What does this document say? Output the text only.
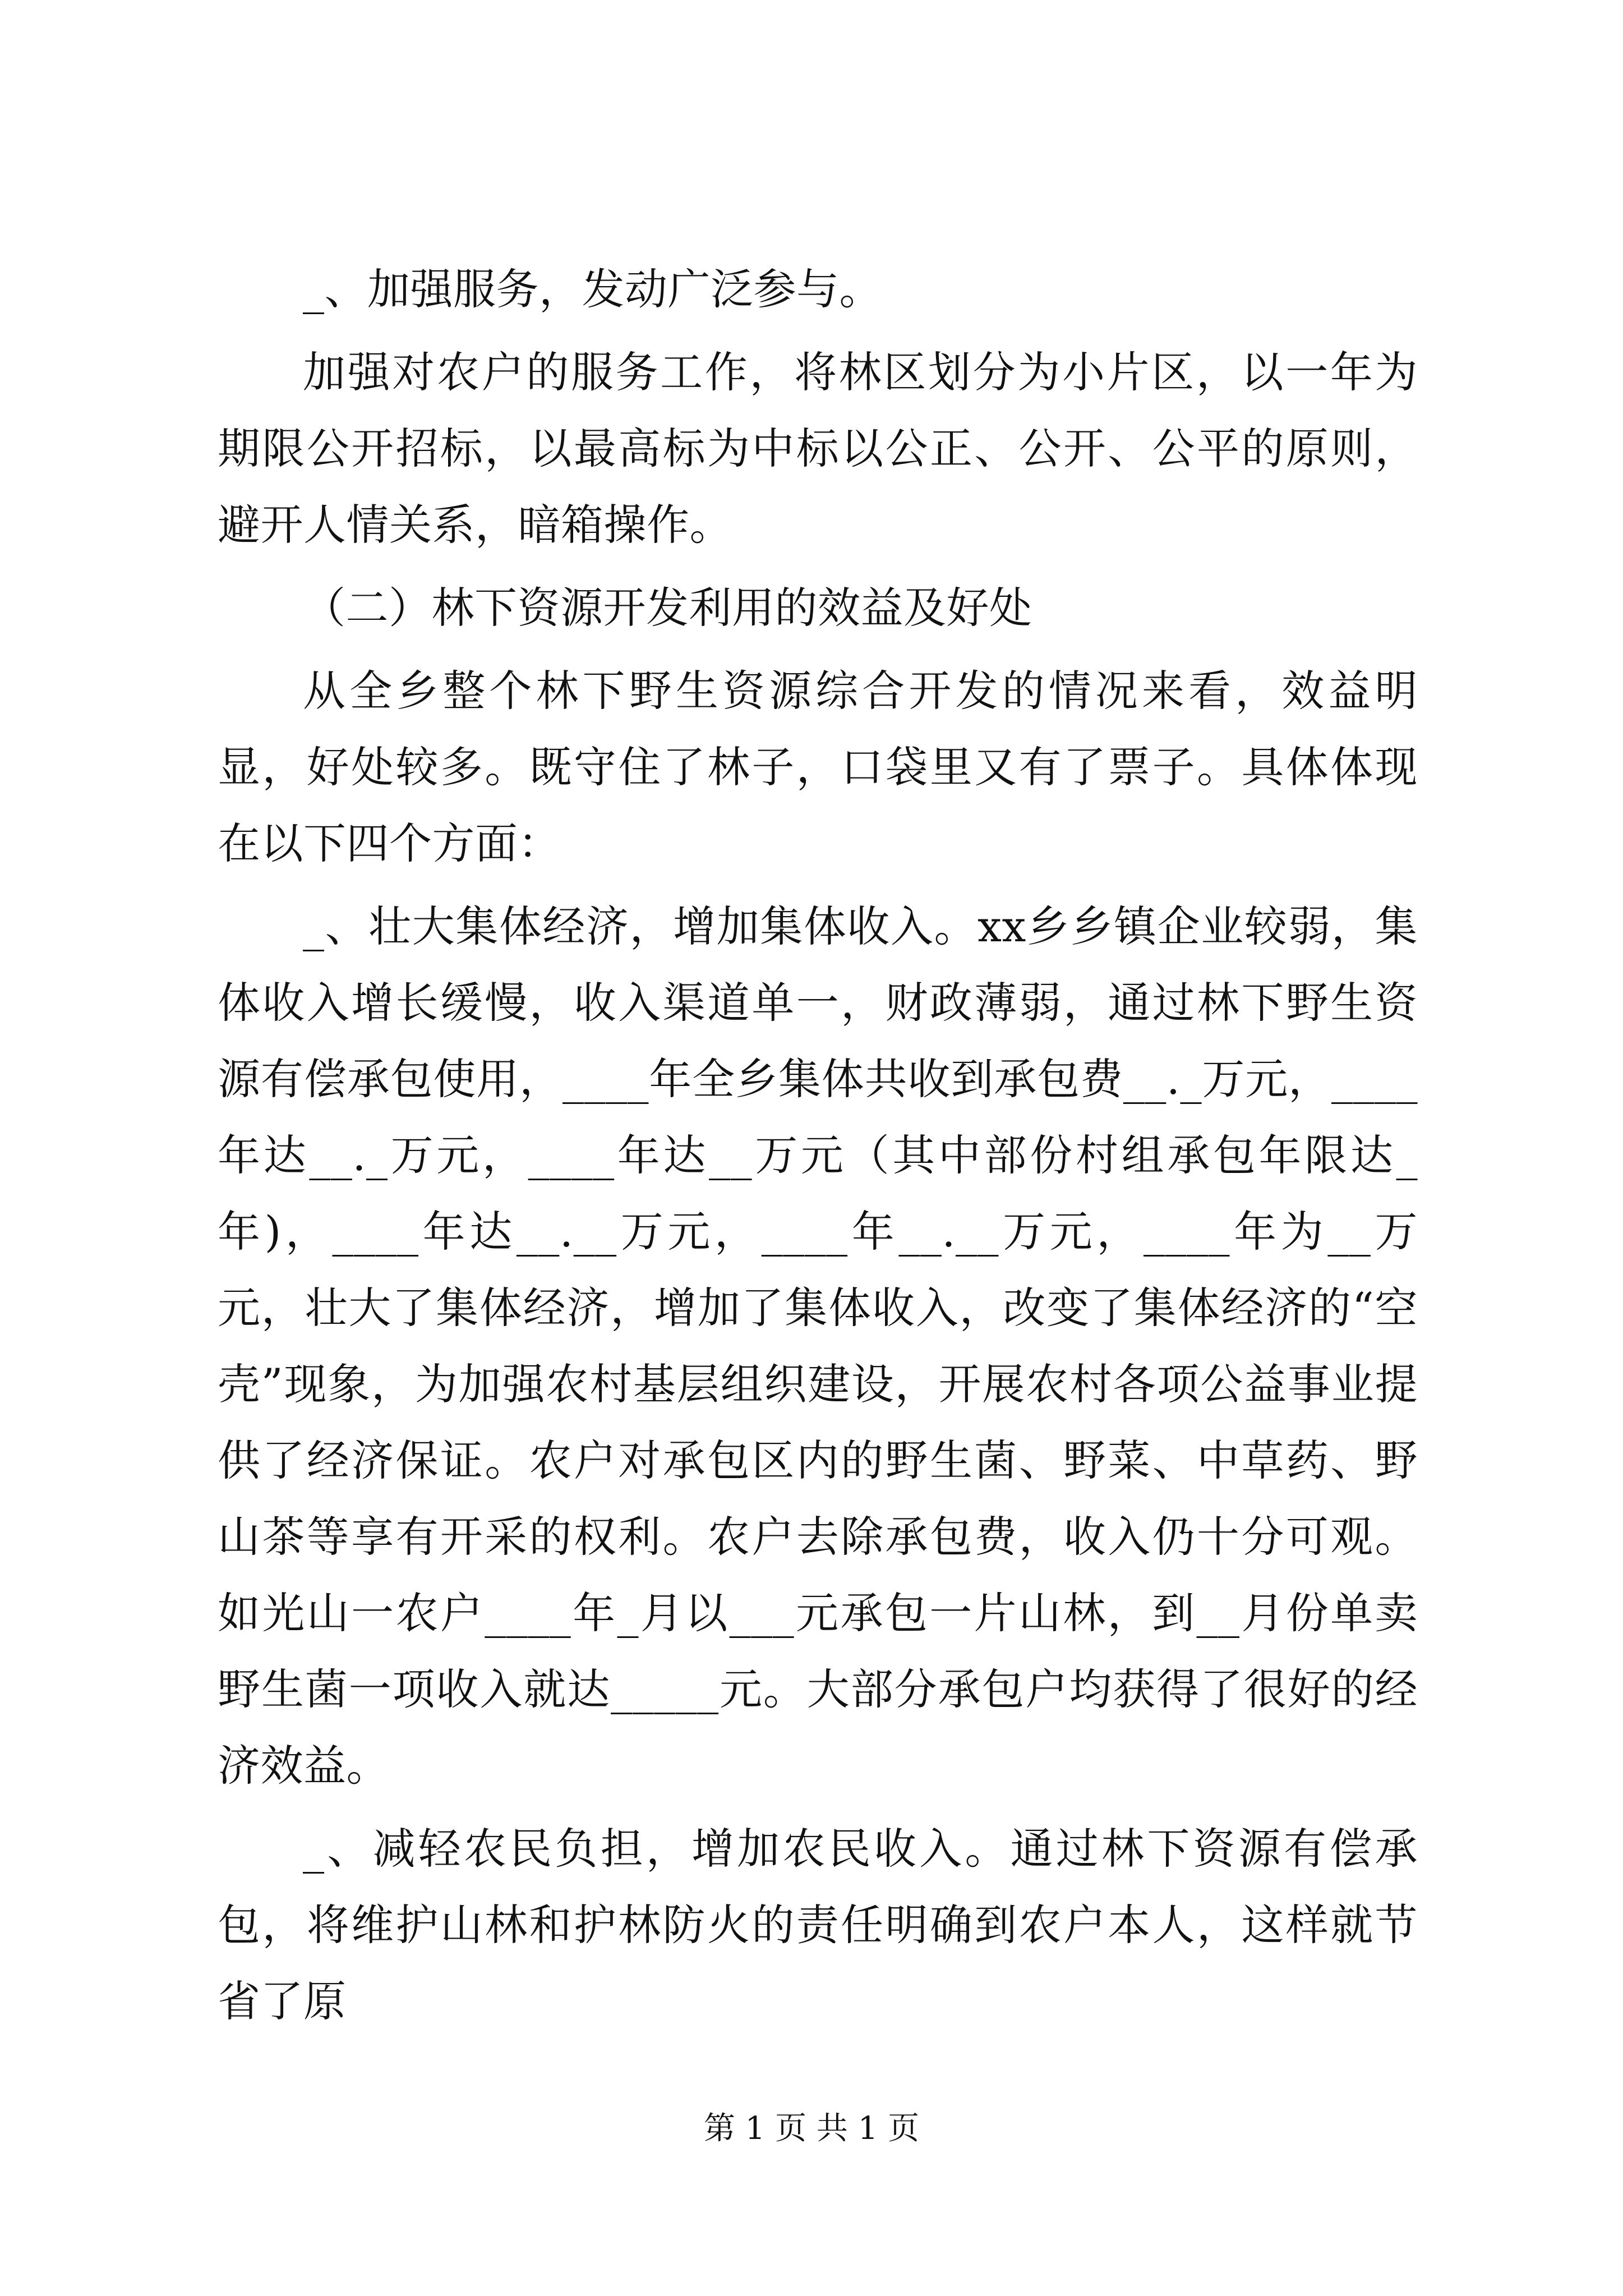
_、加强服务，发动广泛参与。

加强对农户的服务工作，将林区划分为小片区，以一年为期限公开招标，以最高标为中标以公正、公开、公平的原则，避开人情关系，暗箱操作。

（二）林下资源开发利用的效益及好处

从全乡整个林下野生资源综合开发的情况来看，效益明显，好处较多。既守住了林子，口袋里又有了票子。具体体现在以下四个方面：

_、壮大集体经济，增加集体收入。xx乡乡镇企业较弱，集体收入增长缓慢，收入渠道单一，财政薄弱，通过林下野生资源有偿承包使用，____年全乡集体共收到承包费__._万元，____年达__._万元，____年达__万元（其中部份村组承包年限达_年)，____年达__.__万元，____年__.__万元，____年为__万元，壮大了集体经济，增加了集体收入，改变了集体经济的“空壳”现象，为加强农村基层组织建设，开展农村各项公益事业提供了经济保证。农户对承包区内的野生菌、野菜、中草药、野山茶等享有开采的权利。农户去除承包费，收入仍十分可观。如光山一农户____年_月以___元承包一片山林，到__月份单卖野生菌一项收入就达_____元。大部分承包户均获得了很好的经济效益。

_、减轻农民负担，增加农民收入。通过林下资源有偿承包，将维护山林和护林防火的责任明确到农户本人，这样就节省了原

第 1 页 共 1 页
